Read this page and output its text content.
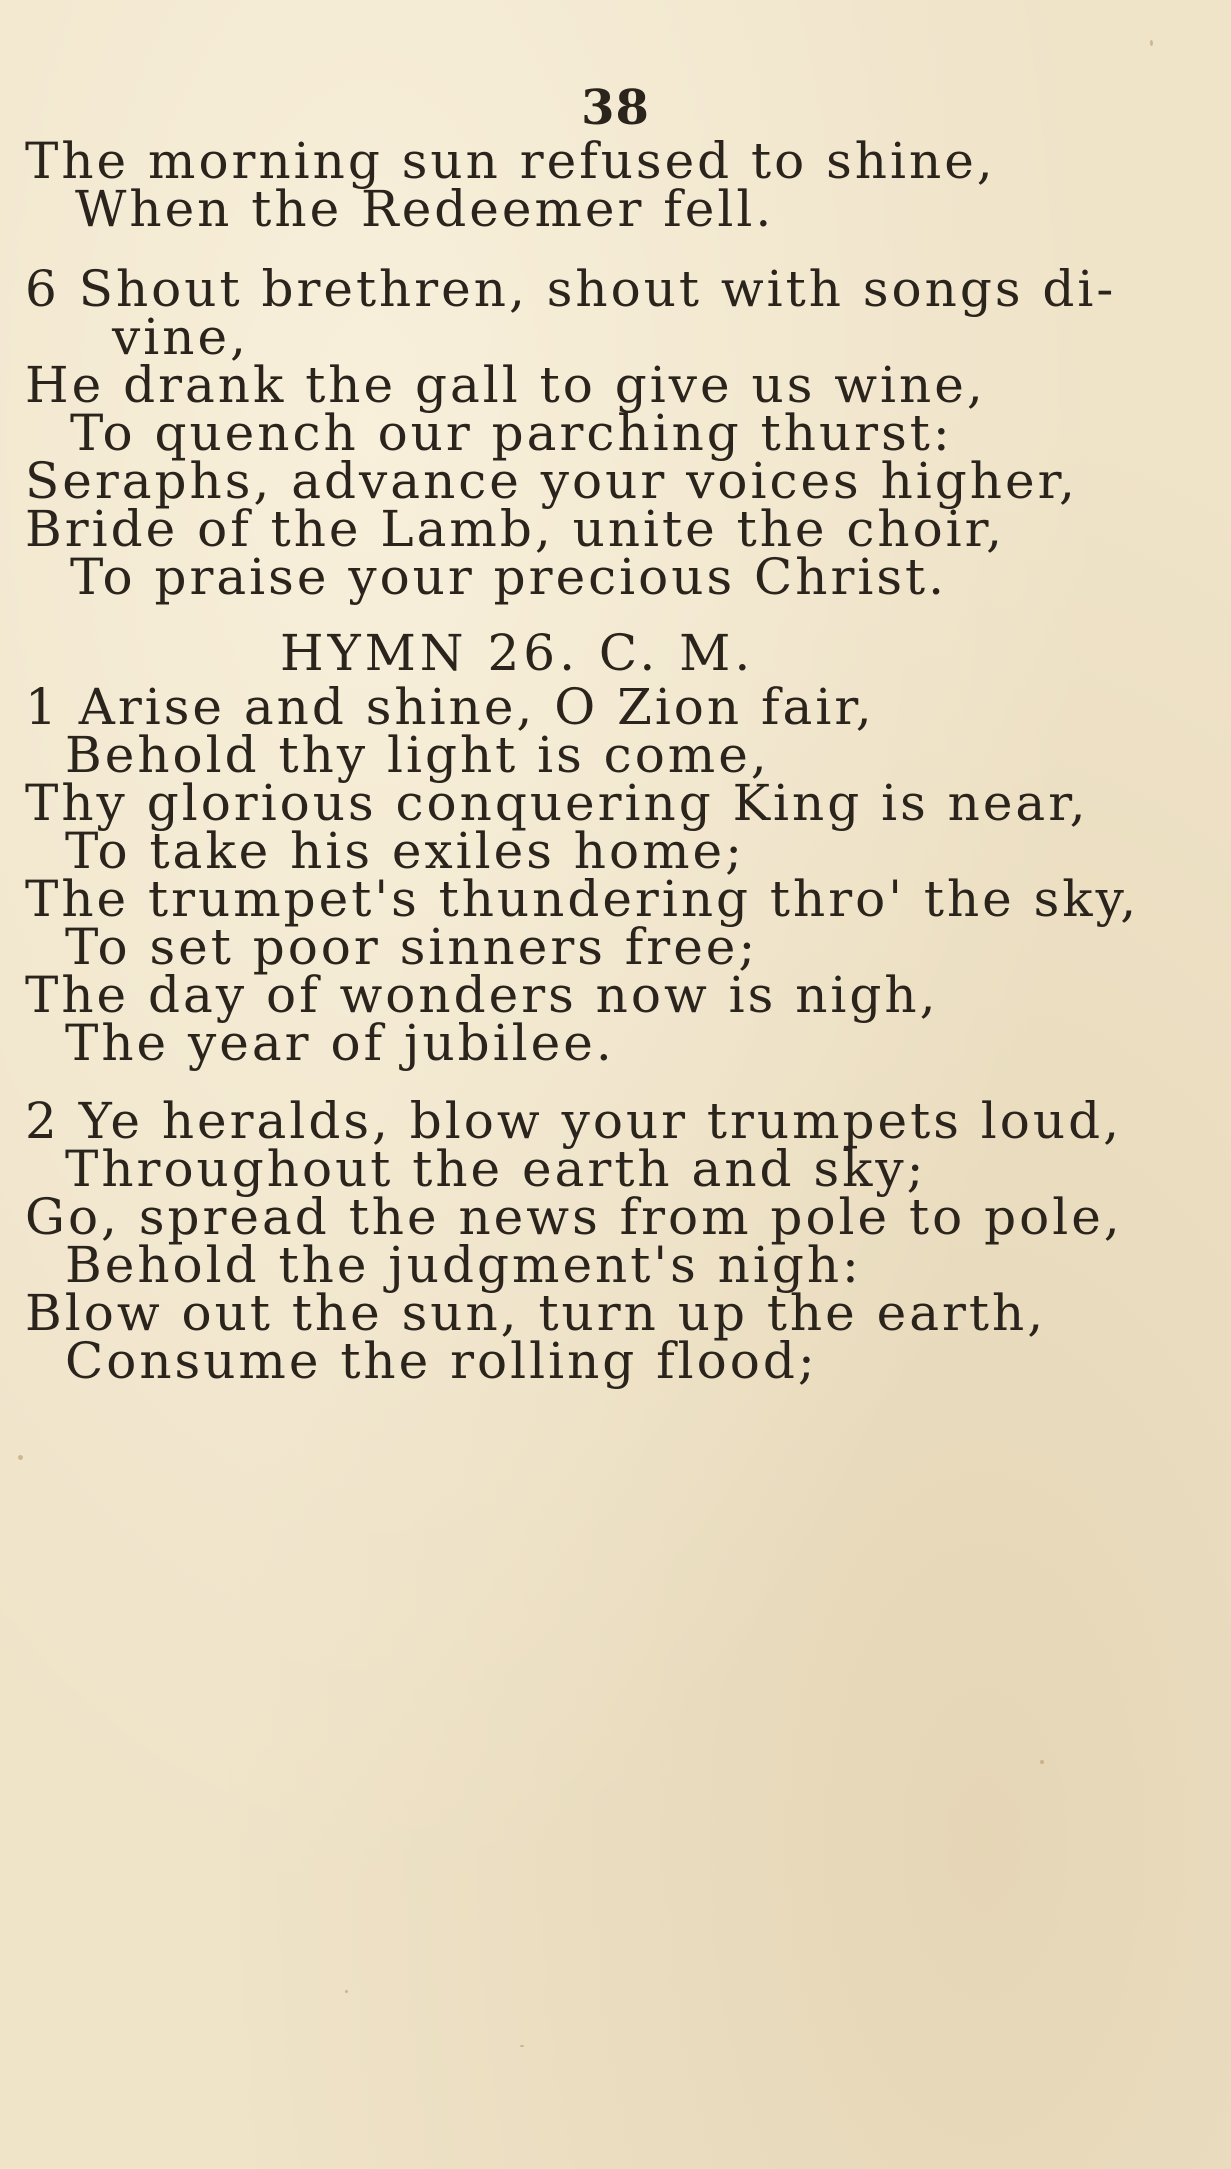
38
The morning sun refused to shine,
When the Redeemer fell.
6 Shout brethren, shout with songs di-
vine,
He drank the gall to give us wine,
To quench our parching thurst:
Seraphs, advance your voices higher,
Bride of the Lamb, unite the choir,
To praise your precious Christ.
HYMN 26. C. M.
1 Arise and shine, O Zion fair,
Behold thy light is come,
Thy glorious conquering King is near,
To take his exiles home;
The trumpet's thundering thro' the sky,
To set poor sinners free;
The day of wonders now is nigh,
The year of jubilee.
2 Ye heralds, blow your trumpets loud,
Throughout the earth and sky;
Go, spread the news from pole to pole,
Behold the judgment's nigh:
Blow out the sun, turn up the earth,
Consume the rolling flood;
